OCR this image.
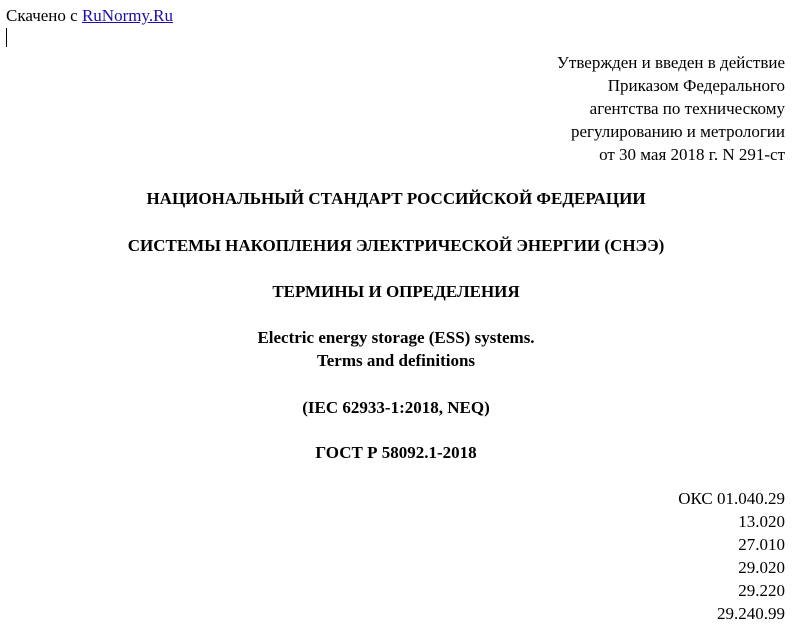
Скачено с RuNormy.Ru
Утвержден и введен в действие
Приказом Федерального
агентства по техническому
регулированию и метрологии
от 30 мая 2018 г. N 291-ст
НАЦИОНАЛЬНЫЙ СТАНДАРТ РОССИЙСКОЙ ФЕДЕРАЦИИ
СИСТЕМЫ НАКОПЛЕНИЯ ЭЛЕКТРИЧЕСКОЙ ЭНЕРГИИ (СНЭЭ)
ТЕРМИНЫ И ОПРЕДЕЛЕНИЯ
Electric energy storage (ESS) systems.
Terms and definitions
(IEC 62933-1:2018, NEQ)
ГОСТ Р 58092.1-2018
ОКС 01.040.29
13.020
27.010
29.020
29.220
29.240.99
